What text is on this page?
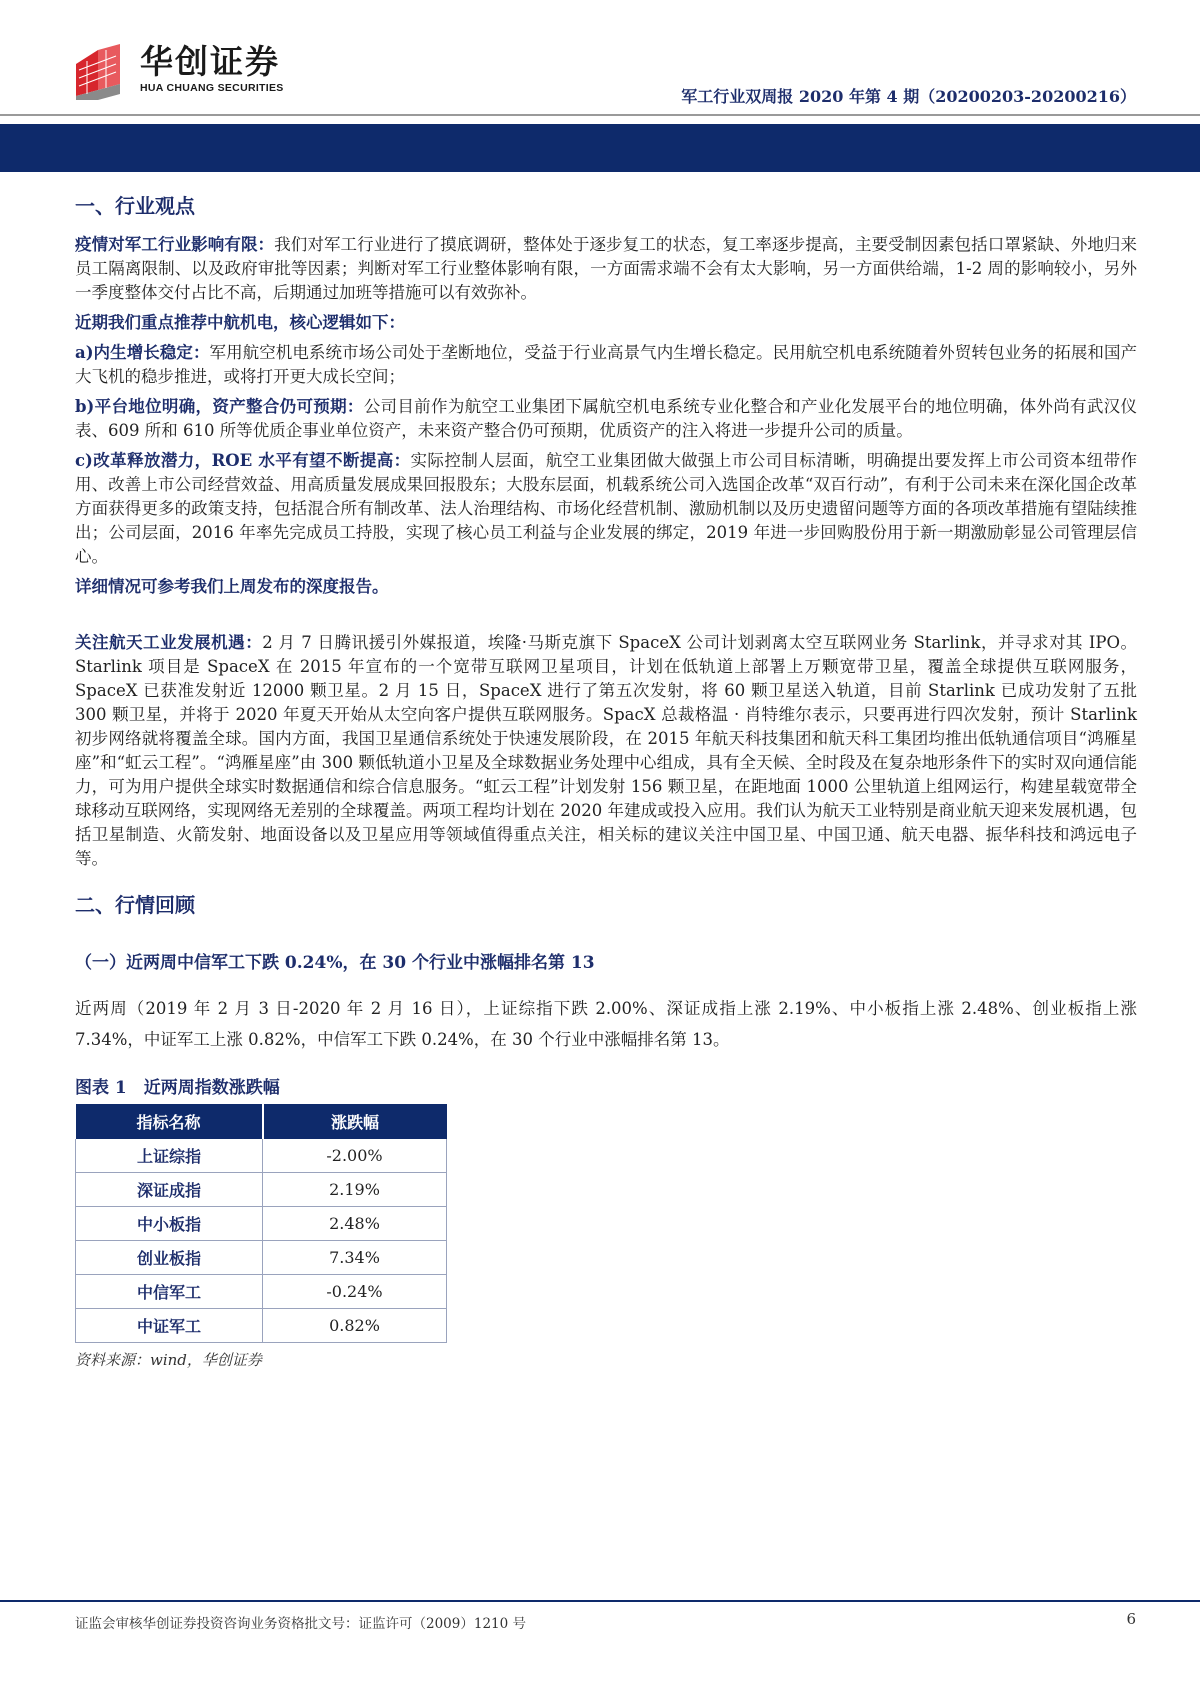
华创证券
HUA CHUANG SECURITIES	军工行业双周报 2020 年第 4 期（20200203-20200216）
一、行业观点

疫情对军工行业影响有限：我们对军工行业进行了摸底调研，整体处于逐步复工的状态，复工率逐步提高，主要受制因素包括口罩紧缺、外地归来员工隔离限制、以及政府审批等因素；判断对军工行业整体影响有限，一方面需求端不会有太大影响，另一方面供给端，1-2 周的影响较小，另外一季度整体交付占比不高，后期通过加班等措施可以有效弥补。

近期我们重点推荐中航机电，核心逻辑如下：

a)内生增长稳定：军用航空机电系统市场公司处于垄断地位，受益于行业高景气内生增长稳定。民用航空机电系统随着外贸转包业务的拓展和国产大飞机的稳步推进，或将打开更大成长空间；

b)平台地位明确，资产整合仍可预期：公司目前作为航空工业集团下属航空机电系统专业化整合和产业化发展平台的地位明确，体外尚有武汉仪表、609 所和 610 所等优质企事业单位资产，未来资产整合仍可预期，优质资产的注入将进一步提升公司的质量。

c)改革释放潜力，ROE 水平有望不断提高：实际控制人层面，航空工业集团做大做强上市公司目标清晰，明确提出要发挥上市公司资本纽带作用、改善上市公司经营效益、用高质量发展成果回报股东；大股东层面，机载系统公司入选国企改革“双百行动”，有利于公司未来在深化国企改革方面获得更多的政策支持，包括混合所有制改革、法人治理结构、市场化经营机制、激励机制以及历史遗留问题等方面的各项改革措施有望陆续推出；公司层面，2016 年率先完成员工持股，实现了核心员工利益与企业发展的绑定，2019 年进一步回购股份用于新一期激励彰显公司管理层信心。

详细情况可参考我们上周发布的深度报告。

关注航天工业发展机遇：2 月 7 日腾讯援引外媒报道，埃隆·马斯克旗下 SpaceX 公司计划剥离太空互联网业务 Starlink，并寻求对其 IPO。Starlink 项目是 SpaceX 在 2015 年宣布的一个宽带互联网卫星项目，计划在低轨道上部署上万颗宽带卫星，覆盖全球提供互联网服务，SpaceX 已获准发射近 12000 颗卫星。2 月 15 日，SpaceX 进行了第五次发射，将 60 颗卫星送入轨道，目前 Starlink 已成功发射了五批 300 颗卫星，并将于 2020 年夏天开始从太空向客户提供互联网服务。SpacX 总裁格温 · 肖特维尔表示，只要再进行四次发射，预计 Starlink 初步网络就将覆盖全球。国内方面，我国卫星通信系统处于快速发展阶段，在 2015 年航天科技集团和航天科工集团均推出低轨通信项目“鸿雁星座”和“虹云工程”。“鸿雁星座”由 300 颗低轨道小卫星及全球数据业务处理中心组成，具有全天候、全时段及在复杂地形条件下的实时双向通信能力，可为用户提供全球实时数据通信和综合信息服务。“虹云工程”计划发射 156 颗卫星，在距地面 1000 公里轨道上组网运行，构建星载宽带全球移动互联网络，实现网络无差别的全球覆盖。两项工程均计划在 2020 年建成或投入应用。我们认为航天工业特别是商业航天迎来发展机遇，包括卫星制造、火箭发射、地面设备以及卫星应用等领域值得重点关注，相关标的建议关注中国卫星、中国卫通、航天电器、振华科技和鸿远电子等。

二、行情回顾
（一）近两周中信军工下跌 0.24%，在 30 个行业中涨幅排名第 13

近两周（2019 年 2 月 3 日-2020 年 2 月 16 日），上证综指下跌 2.00%、深证成指上涨 2.19%、中小板指上涨 2.48%、创业板指上涨 7.34%，中证军工上涨 0.82%，中信军工下跌 0.24%，在 30 个行业中涨幅排名第 13。

图表 1　近两周指数涨跌幅
指标名称	涨跌幅
上证综指	-2.00%
深证成指	2.19%
中小板指	2.48%
创业板指	7.34%
中信军工	-0.24%
中证军工	0.82%
资料来源：wind，华创证券
证监会审核华创证券投资咨询业务资格批文号：证监许可（2009）1210 号	6
